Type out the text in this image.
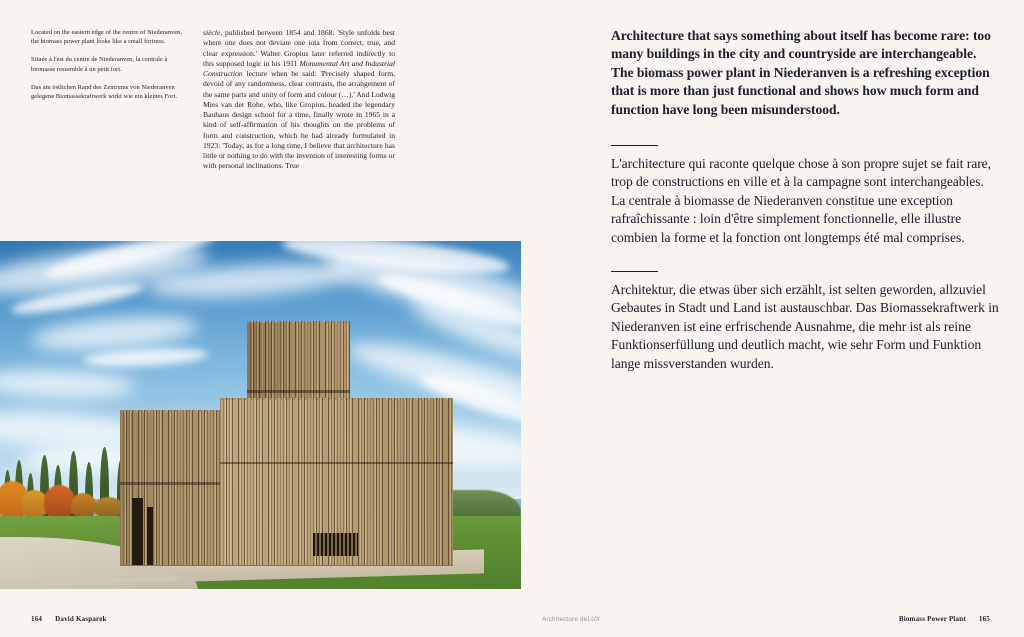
Located on the eastern edge of the centre of Niederanven, the biomass power plant looks like a small fortress.

Située à l'est du centre de Niederanven, la centrale à biomasse ressemble à un petit fort.

Das am östlichen Rand des Zentrums von Niederanven gelegene Biomassekraftwerk wirkt wie ein kleines Fort.

siècle, published between 1854 and 1868: 'Style unfolds best where one does not deviate one iota from correct, true, and clear expression.' Walter Gropius later referred indirectly to this supposed logic in his 1911 Monumental Art and Industrial Construction lecture when he said: 'Precisely shaped form, devoid of any randomness, clear contrasts, the arrangement of the same parts and unity of form and colour (…).' And Ludwig Mies van der Rohe, who, like Gropius, headed the legendary Bauhaus design school for a time, finally wrote in 1965 in a kind of self-affirmation of his thoughts on the problems of form and construction, which he had already formulated in 1923: 'Today, as for a long time, I believe that architecture has little or nothing to do with the invention of interesting forms or with personal inclinations. True

164 David Kasparek

Architecture that says something about itself has become rare: too many buildings in the city and countryside are interchangeable. The biomass power plant in Niederanven is a refreshing exception that is more than just functional and shows how much form and function have long been misunderstood.

L'architecture qui raconte quelque chose à son propre sujet se fait rare, trop de constructions en ville et à la campagne sont interchangeables. La centrale à biomasse de Niederanven constitue une exception rafraîchissante : loin d'être simplement fonctionnelle, elle illustre combien la forme et la fonction ont longtemps été mal comprises.

Architektur, die etwas über sich erzählt, ist selten geworden, allzuviel Gebautes in Stadt und Land ist austauschbar. Das Biomassekraftwerk in Niederanven ist eine erfrischende Ausnahme, die mehr ist als reine Funktionserfüllung und deutlich macht, wie sehr Form und Funktion lange missverstanden wurden.

Architecture deLUX	Biomass Power Plant 165
